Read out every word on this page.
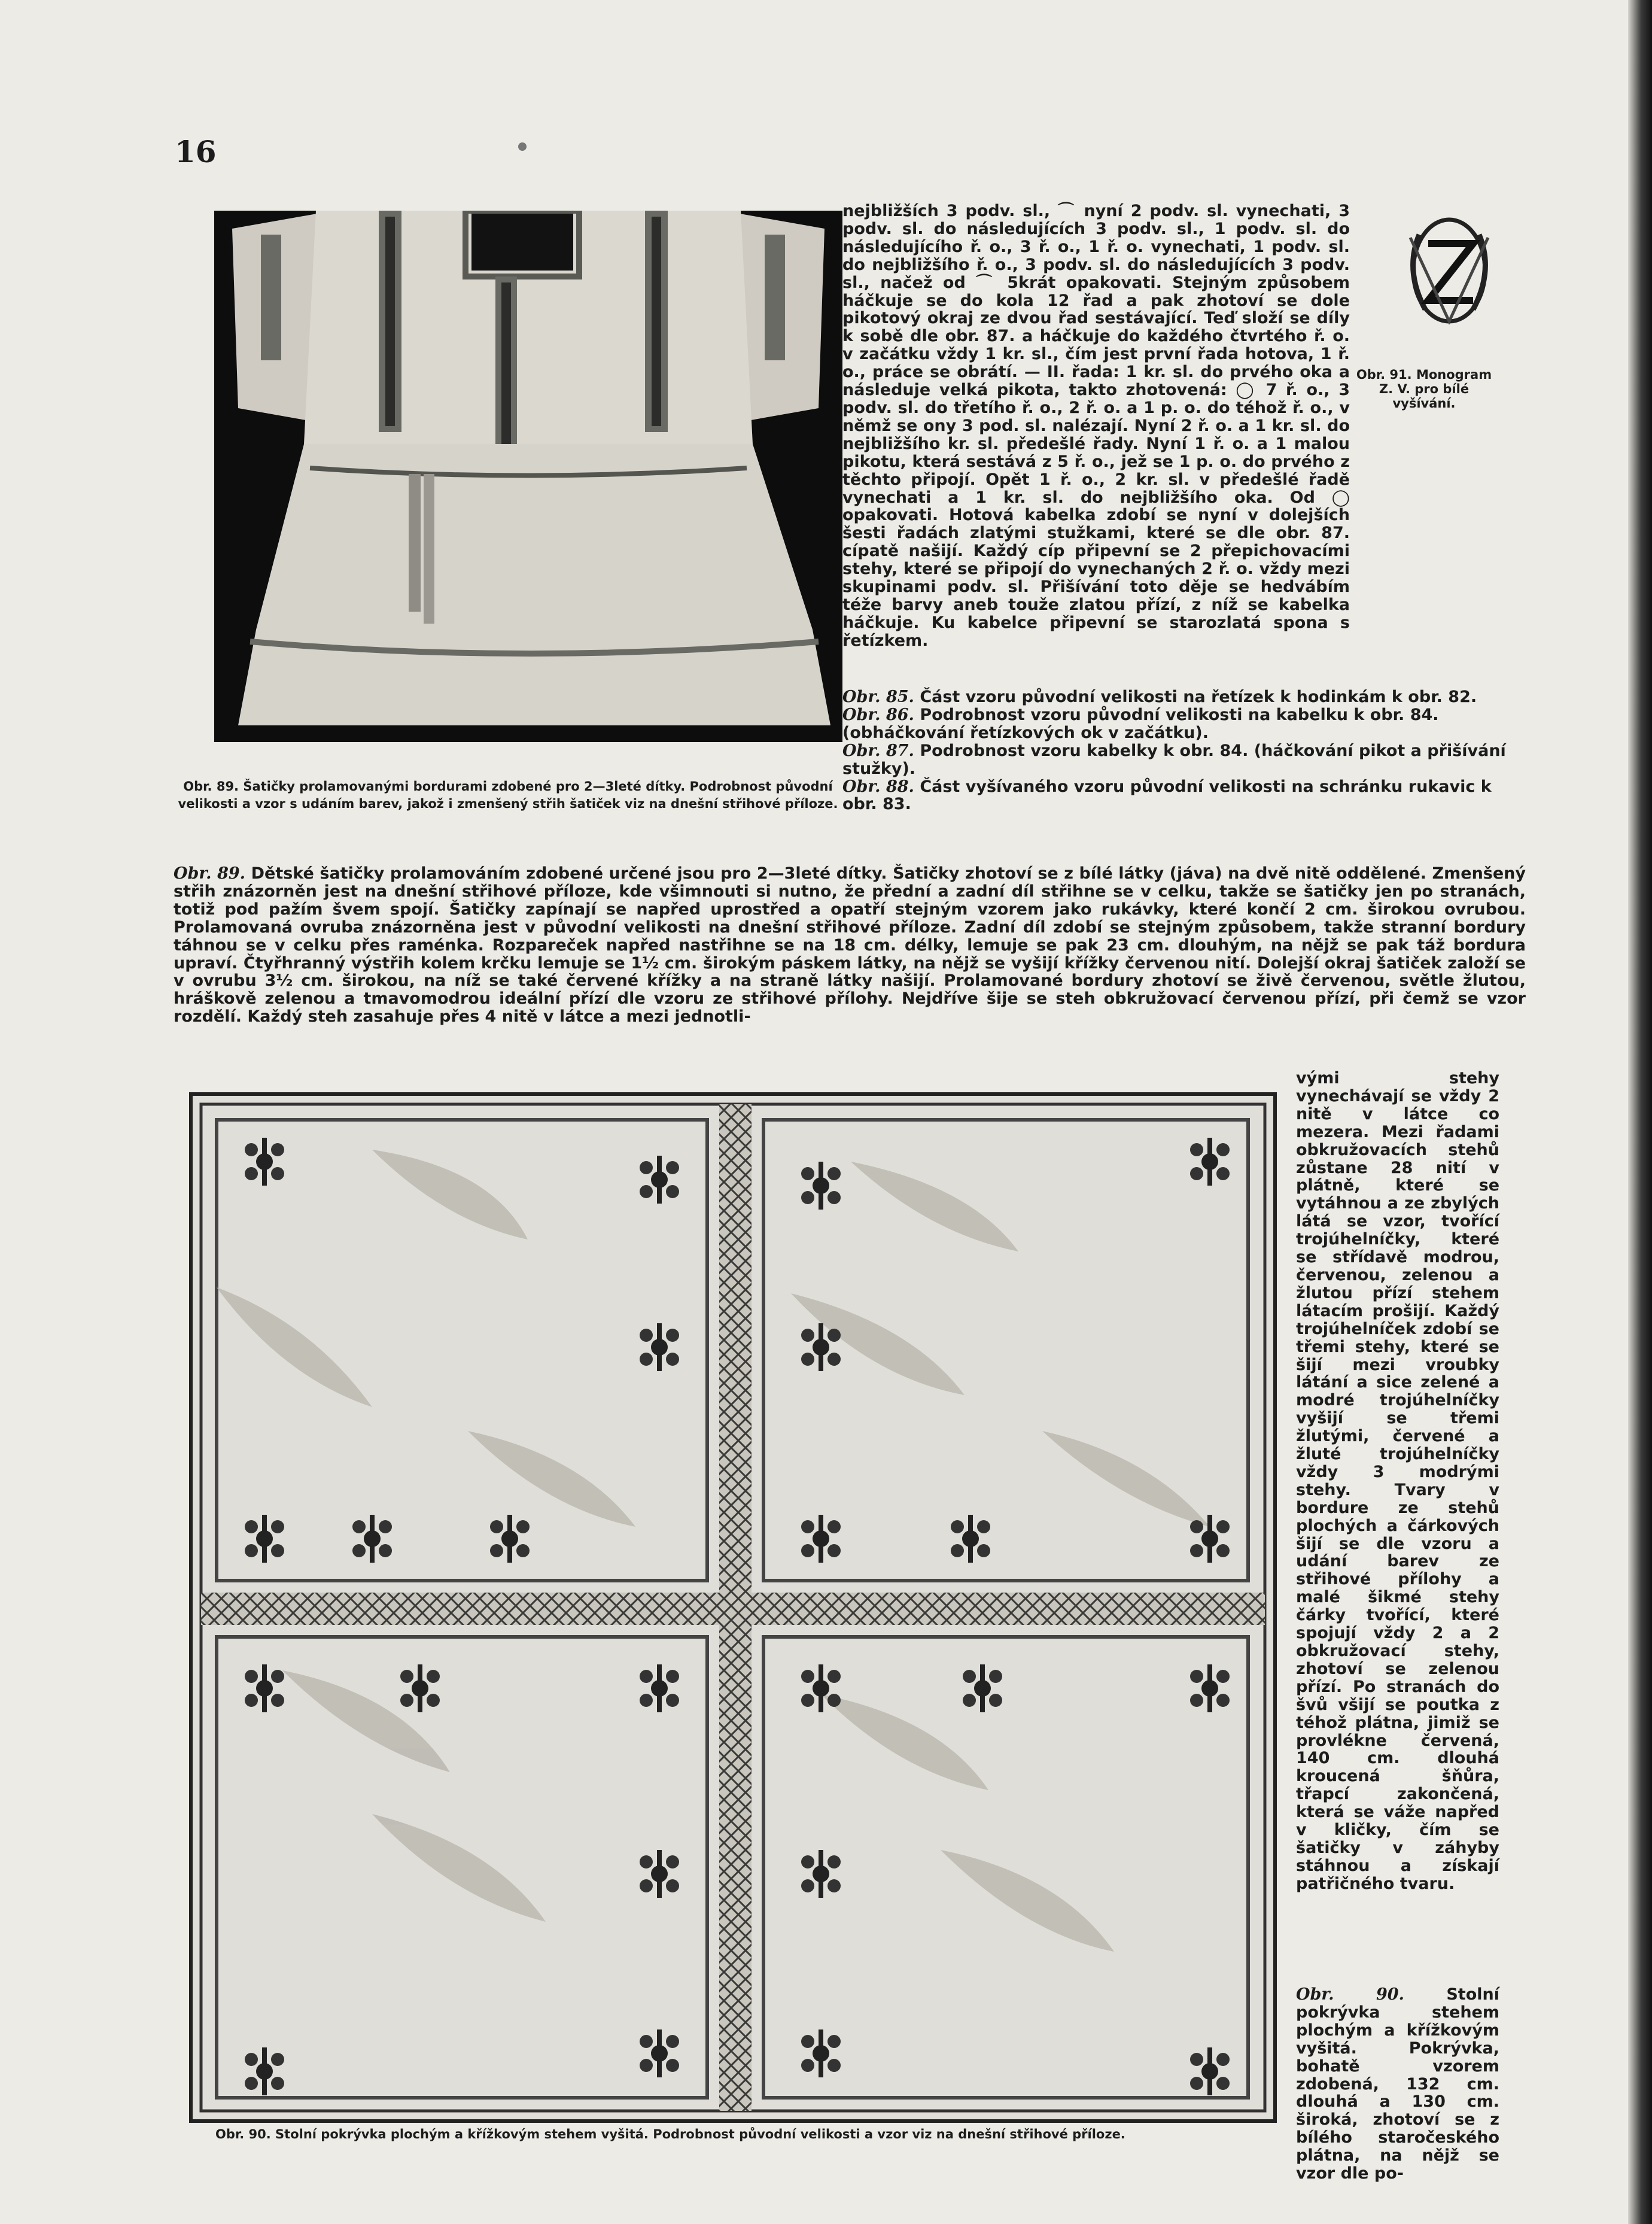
16
Obr. 89. Šatičky prolamovanými bordurami zdobené pro 2—3leté dítky. Podrobnost původní velikosti a vzor s udáním barev, jakož i zmenšený střih šatiček viz na dnešní střihové příloze.
nejbližších 3 podv. sl., ⌒ nyní 2 podv. sl. vynechati, 3 podv. sl. do následujících 3 podv. sl., 1 podv. sl. do následujícího ř. o., 3 ř. o., 1 ř. o. vynechati, 1 podv. sl. do nejbližšího ř. o., 3 podv. sl. do následujících 3 podv. sl., načež od ⌒ 5krát opakovati. Stejným způsobem háčkuje se do kola 12 řad a pak zhotoví se dole pikotový okraj ze dvou řad sestávající. Teď složí se díly k sobě dle obr. 87. a háčkuje do každého čtvrtého ř. o. v začátku vždy 1 kr. sl., čím jest první řada hotova, 1 ř. o., práce se obrátí. — II. řada: 1 kr. sl. do prvého oka a následuje velká pikota, takto zhotovená: ◯ 7 ř. o., 3 podv. sl. do třetího ř. o., 2 ř. o. a 1 p. o. do téhož ř. o., v němž se ony 3 pod. sl. nalézají. Nyní 2 ř. o. a 1 kr. sl. do nejbližšího kr. sl. předešlé řady. Nyní 1 ř. o. a 1 malou pikotu, která sestává z 5 ř. o., jež se 1 p. o. do prvého z těchto připojí. Opět 1 ř. o., 2 kr. sl. v předešlé řadě vynechati a 1 kr. sl. do nejbližšího oka. Od ◯ opakovati. Hotová kabelka zdobí se nyní v dolejších šesti řadách zlatými stužkami, které se dle obr. 87. cípatě našijí. Každý cíp připevní se 2 přepichovacími stehy, které se připojí do vynechaných 2 ř. o. vždy mezi skupinami podv. sl. Přišívání toto děje se hedvábím téže barvy aneb touže zlatou přízí, z níž se kabelka háčkuje. Ku kabelce připevní se starozlatá spona s řetízkem.
Obr. 91. Monogram Z. V. pro bílé vyšívání.
Obr. 85. Část vzoru původní velikosti na řetízek k hodinkám k obr. 82.
Obr. 86. Podrobnost vzoru původní velikosti na kabelku k obr. 84. (obháčkování řetízkových ok v začátku).
Obr. 87. Podrobnost vzoru kabelky k obr. 84. (háčkování pikot a přišívání stužky).
Obr. 88. Část vyšívaného vzoru původní velikosti na schránku rukavic k obr. 83.
Obr. 89. Dětské šatičky prolamováním zdobené určené jsou pro 2—3leté dítky. Šatičky zhotoví se z bílé látky (jáva) na dvě nitě oddělené. Zmenšený střih znázorněn jest na dnešní střihové příloze, kde všimnouti si nutno, že přední a zadní díl střihne se v celku, takže se šatičky jen po stranách, totiž pod pažím švem spojí. Šatičky zapínají se napřed uprostřed a opatří stejným vzorem jako rukávky, které končí 2 cm. širokou ovrubou. Prolamovaná ovruba znázorněna jest v původní velikosti na dnešní střihové příloze. Zadní díl zdobí se stejným způsobem, takže stranní bordury táhnou se v celku přes raménka. Rozpareček napřed nastřihne se na 18 cm. délky, lemuje se pak 23 cm. dlouhým, na nějž se pak táž bordura upraví. Čtyřhranný výstřih kolem krčku lemuje se 1½ cm. širokým páskem látky, na nějž se vyšijí křížky červenou nití. Dolejší okraj šatiček založí se v ovrubu 3½ cm. širokou, na níž se také červené křížky a na straně látky našijí. Prolamované bordury zhotoví se živě červenou, světle žlutou, hráškově zelenou a tmavomodrou ideální přízí dle vzoru ze střihové přílohy. Nejdříve šije se steh obkružovací červenou přízí, při čemž se vzor rozdělí. Každý steh zasahuje přes 4 nitě v látce a mezi jednotli-
Obr. 90. Stolní pokrývka plochým a křížkovým stehem vyšitá. Podrobnost původní velikosti a vzor viz na dnešní střihové příloze.
vými stehy vynechávají se vždy 2 nitě v látce co mezera. Mezi řadami obkružovacích stehů zůstane 28 nití v plátně, které se vytáhnou a ze zbylých látá se vzor, tvořící trojúhelníčky, které se střídavě modrou, červenou, zelenou a žlutou přízí stehem látacím prošijí. Každý trojúhelníček zdobí se třemi stehy, které se šijí mezi vroubky látání a sice zelené a modré trojúhelníčky vyšijí se třemi žlutými, červené a žluté trojúhelníčky vždy 3 modrými stehy. Tvary v bordure ze stehů plochých a čárkových šijí se dle vzoru a udání barev ze střihové přílohy a malé šikmé stehy čárky tvořící, které spojují vždy 2 a 2 obkružovací stehy, zhotoví se zelenou přízí. Po stranách do švů všijí se poutka z téhož plátna, jimiž se provlékne červená, 140 cm. dlouhá kroucená šňůra, třapcí zakončená, která se váže napřed v kličky, čím se šatičky v záhyby stáhnou a získají patřičného tvaru.
Obr. 90.	Stolní pokrývka stehem plochým a křížkovým vyšitá. Pokrývka, bohatě vzorem zdobená, 132 cm. dlouhá a 130 cm. široká, zhotoví se z bílého staročeského plátna, na nějž se vzor dle po-
